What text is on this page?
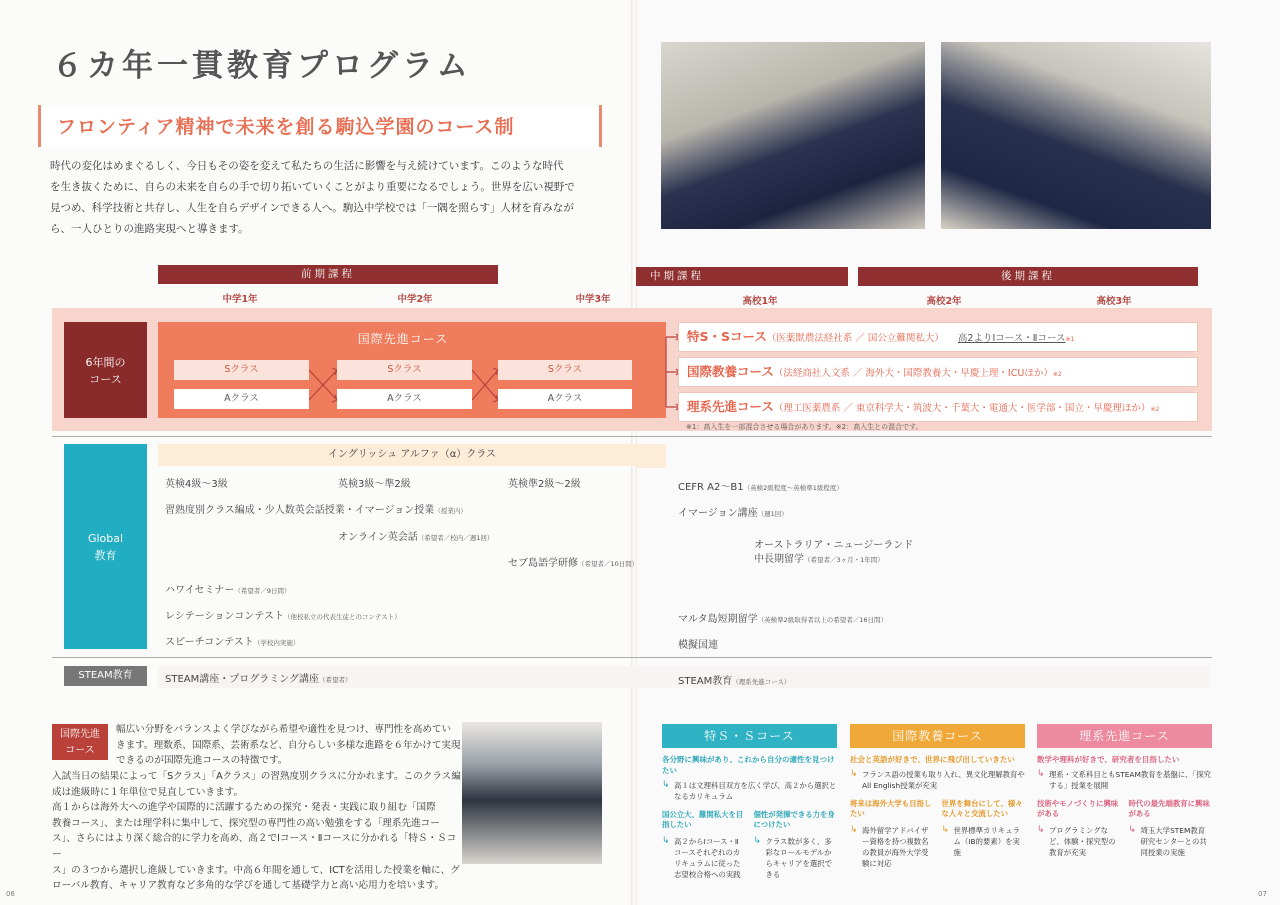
６カ年一貫教育プログラム
フロンティア精神で未来を創る駒込学園のコース制
時代の変化はめまぐるしく、今日もその姿を変えて私たちの生活に影響を与え続けています。このような時代
を生き抜くために、自らの未来を自らの手で切り拓いていくことがより重要になるでしょう。世界を広い視野で
見つめ、科学技術と共存し、人生を自らデザインできる人へ。駒込中学校では「一隅を照らす」人材を育みなが
ら、一人ひとりの進路実現へと導きます。
前期課程	中期課程	後期課程
中学1年	中学2年	中学3年	高校1年	高校2年	高校3年
6年間の
コース
国際先進コース
Sクラス	Sクラス	Sクラス
Aクラス	Aクラス	Aクラス
特S・Sコース（医薬獣農法経社系 ／ 国公立難関私大） 高2よりⅠコース・Ⅱコース※1
国際教養コース（法経商社人文系 ／ 海外大・国際教養大・早慶上理・ICUほか）※2
理系先進コース（理工医薬農系 ／ 東京科学大・筑波大・千葉大・電通大・医学部・国立・早慶理ほか）※2
※1：高入生を一部混合させる場合があります。※2：高入生との混合です。
Global
教育
イングリッシュ アルファ（α）クラス
英検4級～3級	英検3級～準2級	英検準2級～2級
習熟度別クラス編成・少人数英会話授業・イマージョン授業（授業内）
オンライン英会話（希望者／校内／週1回）
セブ島語学研修（希望者／10日間）
ハワイセミナー（希望者／9日間）
レシテーションコンテスト（他校私立の代表生徒とのコンテスト）
スピーチコンテスト（学校内実施）
CEFR A2～B1（英検2級程度～英検準1級程度）
イマージョン講座（週1回）
オーストラリア・ニュージーランド
中長期留学（希望者／3ヶ月・1年間）
マルタ島短期留学（英検準2級取得者以上の希望者／16日間）
模擬国連
STEAM教育	STEAM講座・プログラミング講座（希望者）	STEAM教育（理系先進コース）
国際先進
コース
幅広い分野をバランスよく学びながら希望や適性を見つけ、専門性を高めてい
きます。理数系、国際系、芸術系など、自分らしい多様な進路を６年かけて実現
できるのが国際先進コースの特徴です。
入試当日の結果によって「Sクラス」「Aクラス」の習熟度別クラスに分かれます。このクラス編
成は進級時に１年単位で見直していきます。
高１からは海外大への進学や国際的に活躍するための探究・発表・実践に取り組む「国際
教養コース」、または理学科に集中して、探究型の専門性の高い勉強をする「理系先進コー
ス」、さらにはより深く総合的に学力を高め、高２でⅠコース・Ⅱコースに分かれる「特Ｓ・Ｓコー
ス」の３つから選択し進級していきます。中高６年間を通して、ICTを活用した授業を軸に、グ
ローバル教育、キャリア教育など多角的な学びを通して基礎学力と高い応用力を培います。
特Ｓ・Ｓコース
各分野に興味があり、これから自分の適性を見つけたい
↳ 高１は文理科目双方を広く学び、高２から選択となるカリキュラム
国公立大、難関私大を目指したい
↳ 高２からⅠコース・Ⅱコースそれぞれのカリキュラムに従った志望校合格への実践
個性が発揮できる力を身につけたい
↳ クラス数が多く、多彩なロールモデルからキャリアを選択できる
国際教養コース
社会と英語が好きで、世界に飛び出していきたい
↳ フランス語の授業も取り入れ、異文化理解教育やAll English授業が充実
将来は海外大学も目指したい
↳ 海外留学アドバイザー資格を持つ複数名の教員が海外大学受験に対応
世界を舞台にして、様々な人々と交流したい
↳ 世界標準カリキュラム（IB的要素）を実施
理系先進コース
数学や理科が好きで、研究者を目指したい
↳ 理系・文系科目ともSTEAM教育を基盤に、「探究する」授業を展開
技術やモノづくりに興味がある
↳ プログラミングなど、体験・探究型の教育が充実
時代の最先端教育に興味がある
↳ 埼玉大学STEM教育研究センターとの共同授業の実施
06	07
